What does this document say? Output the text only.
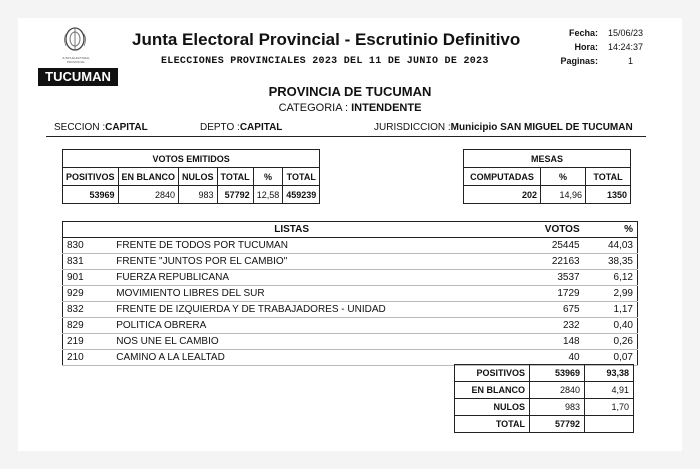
JUNTA ELECTORAL PROVINCIAL
TUCUMAN
Junta Electoral Provincial - Escrutinio Definitivo
ELECCIONES PROVINCIALES 2023 DEL 11 DE JUNIO DE 2023
Fecha: 15/06/23
Hora: 14:24:37
Paginas:	1
PROVINCIA DE TUCUMAN
CATEGORIA : INTENDENTE
SECCION :CAPITAL	DEPTO :CAPITAL	JURISDICCION :Municipio SAN MIGUEL DE TUCUMAN
VOTOS EMITIDOS					
POSITIVOS	EN BLANCO	NULOS	TOTAL	%	TOTAL
53969	2840	983	57792	12,58	459239
MESAS		
COMPUTADAS	%	TOTAL
202	14,96	1350
LISTAS		VOTOS	%
830	FRENTE DE TODOS POR TUCUMAN	25445	44,03
831	FRENTE "JUNTOS POR EL CAMBIO"	22163	38,35
901	FUERZA REPUBLICANA	3537	6,12
929	MOVIMIENTO LIBRES DEL SUR	1729	2,99
832	FRENTE DE IZQUIERDA Y DE TRABAJADORES - UNIDAD	675	1,17
829	POLITICA OBRERA	232	0,40
219	NOS UNE EL CAMBIO	148	0,26
210	CAMINO A LA LEALTAD	40	0,07
POSITIVOS	53969	93,38
EN BLANCO	2840	4,91
NULOS	983	1,70
TOTAL	57792	
